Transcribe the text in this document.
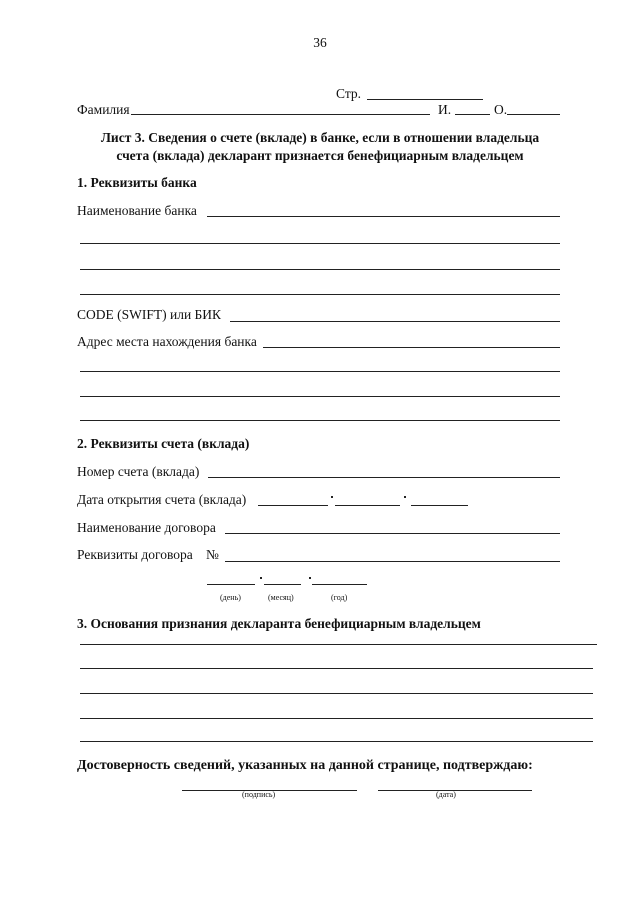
36
Стр.
Фамилия	И.	О.
Лист 3. Сведения о счете (вкладе) в банке, если в отношении владельца
счета (вклада) декларант признается бенефициарным владельцем
1. Реквизиты банка
Наименование банка
CODE (SWIFT) или БИК
Адрес места нахождения банка
2. Реквизиты счета (вклада)
Номер счета (вклада)
Дата открытия счета (вклада)
Наименование договора
Реквизиты договора №
(день)	(месяц)	(год)
3. Основания признания декларанта бенефициарным владельцем
Достоверность сведений, указанных на данной странице, подтверждаю:
(подпись)	(дата)
